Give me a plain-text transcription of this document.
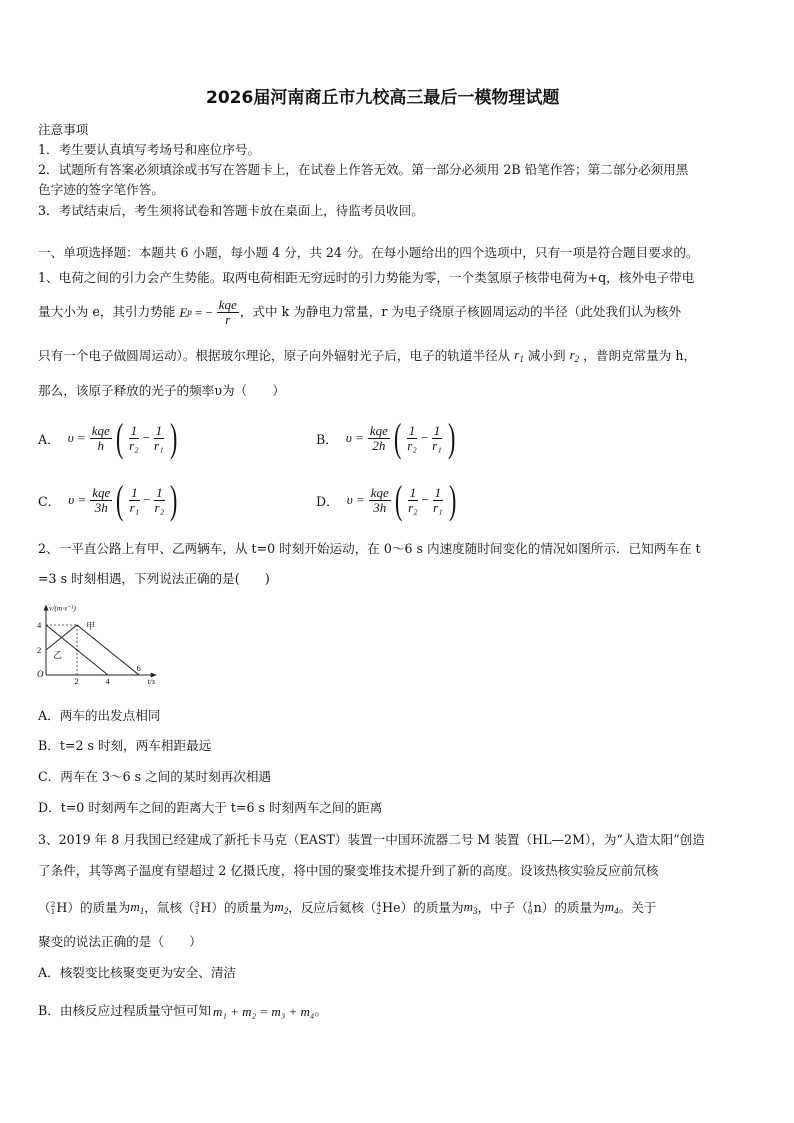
2026届河南商丘市九校高三最后一模物理试题
注意事项
1．考生要认真填写考场号和座位序号。
2．试题所有答案必须填涂或书写在答题卡上，在试卷上作答无效。第一部分必须用 2B 铅笔作答；第二部分必须用黑
色字迹的签字笔作答。
3．考试结束后，考生须将试卷和答题卡放在桌面上，待监考员收回。
一、单项选择题：本题共 6 小题，每小题 4 分，共 24 分。在每小题给出的四个选项中，只有一项是符合题目要求的。
1、电荷之间的引力会产生势能。取两电荷相距无穷远时的引力势能为零，一个类氢原子核带电荷为+q，核外电子带电
量大小为 e，其引力势能 E p = − $\frac{\text{kqe}}{r}$ ，式中 k 为静电力常量，r 为电子绕原子核圆周运动的半径（此处我们认为核外
只有一个电子做圆周运动）。根据玻尔理论，原子向外辐射光子后，电子的轨道半径从 $r_1$ 减小到 $r_2$ ，普朗克常量为 h，
那么，该原子释放的光子的频率υ为（　　）
A． $\upsilon = \frac{\text{kqe}}{h}$ ( $\frac{1}{\text{r₂}} - \frac{1}{\text{r₁}}$ )	B． $\upsilon = \frac{\text{kqe}}{2h}$ ( $\frac{1}{\text{r₂}} - \frac{1}{\text{r₁}}$ )
C． $\upsilon = \frac{\text{kqe}}{3h}$ ( $\frac{1}{\text{r₁}} - \frac{1}{\text{r₂}}$ )	D． $\upsilon = \frac{\text{kqe}}{3h}$ ( $\frac{1}{\text{r₂}} - \frac{1}{\text{r₁}}$ )
2、一平直公路上有甲、乙两辆车，从 t=0 时刻开始运动，在 0～6 s 内速度随时间变化的情况如图所示．已知两车在 t
=3 s 时刻相遇，下列说法正确的是(　　)
甲
乙
2
4
2	4
6
v/(m·s⁻¹)
t/s
O
A．两车的出发点相同
B．t=2 s 时刻，两车相距最远
C．两车在 3～6 s 之间的某时刻再次相遇
D．t=0 时刻两车之间的距离大于 t=6 s 时刻两车之间的距离
3、2019 年 8 月我国已经建成了新托卡马克（EAST）装置一中国环流器二号 M 装置（HL—2M），为“人造太阳”创造
了条件，其等离子温度有望超过 2 亿摄氏度，将中国的聚变堆技术提升到了新的高度。设该热核实验反应前氘核
（ 2
1 H ）的质量为 $m_1$ ，氚核（ 3
1 H ）的质量为 $m_2$ ，反应后氦核（ 4
2 He ）的质量为 $m_3$ ，中子（ 1
0 n ）的质量为 $m_4$ 。关于
聚变的说法正确的是（　　）
A．核裂变比核聚变更为安全、清洁
B．由核反应过程质量守恒可知 m₁ + m₂ = m₃ + m₄ 。
